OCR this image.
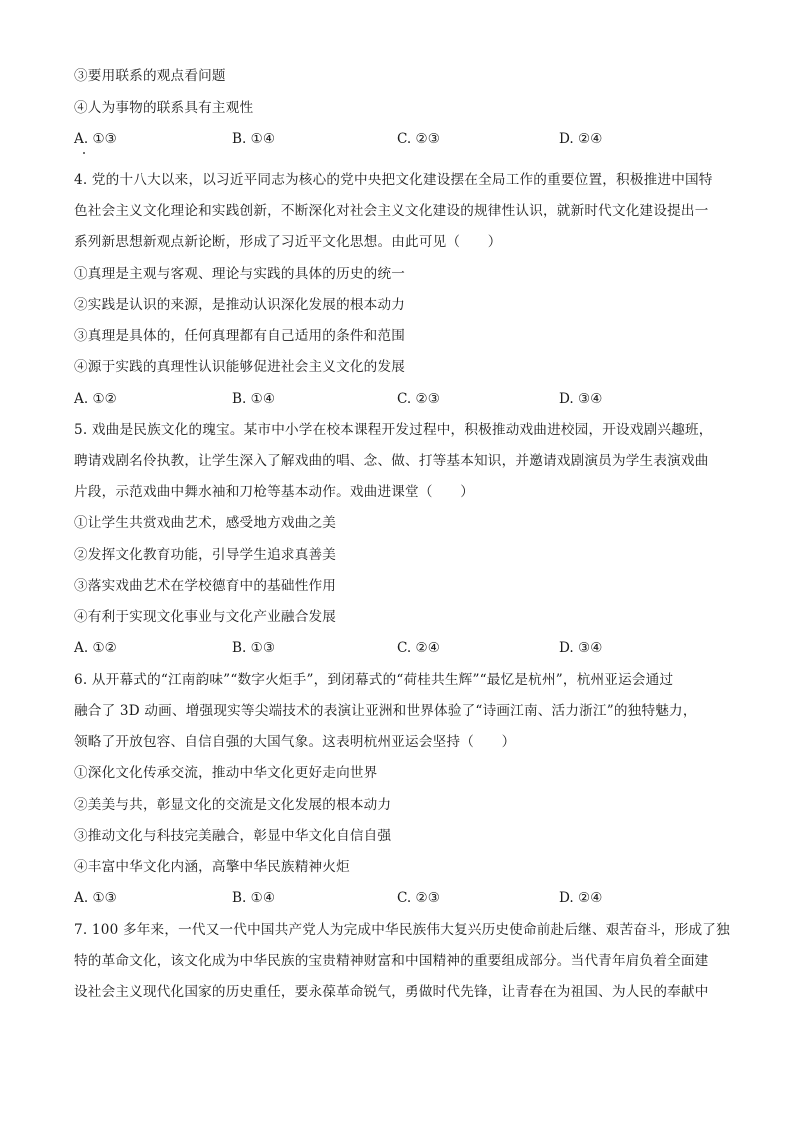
③要用联系的观点看问题
④人为事物的联系具有主观性
A. ①③	B. ①④	C. ②③	D. ②④
4. 党的十八大以来，以习近平同志为核心的党中央把文化建设摆在全局工作的重要位置，积极推进中国特
色社会主义文化理论和实践创新，不断深化对社会主义文化建设的规律性认识，就新时代文化建设提出一
系列新思想新观点新论断，形成了习近平文化思想。由此可见（　　）
①真理是主观与客观、理论与实践的具体的历史的统一
②实践是认识的来源，是推动认识深化发展的根本动力
③真理是具体的，任何真理都有自己适用的条件和范围
④源于实践的真理性认识能够促进社会主义文化的发展
A. ①②	B. ①④	C. ②③	D. ③④
5. 戏曲是民族文化的瑰宝。某市中小学在校本课程开发过程中，积极推动戏曲进校园，开设戏剧兴趣班，
聘请戏剧名伶执教，让学生深入了解戏曲的唱、念、做、打等基本知识，并邀请戏剧演员为学生表演戏曲
片段，示范戏曲中舞水袖和刀枪等基本动作。戏曲进课堂（　　）
①让学生共赏戏曲艺术，感受地方戏曲之美
②发挥文化教育功能，引导学生追求真善美
③落实戏曲艺术在学校德育中的基础性作用
④有利于实现文化事业与文化产业融合发展
A. ①②	B. ①③	C. ②④	D. ③④
6. 从开幕式的“江南韵味”“数字火炬手”，到闭幕式的“荷桂共生辉”“最忆是杭州”，杭州亚运会通过
融合了 3D 动画、增强现实等尖端技术的表演让亚洲和世界体验了“诗画江南、活力浙江”的独特魅力，
领略了开放包容、自信自强的大国气象。这表明杭州亚运会坚持（　　）
①深化文化传承交流，推动中华文化更好走向世界
②美美与共，彰显文化的交流是文化发展的根本动力
③推动文化与科技完美融合，彰显中华文化自信自强
④丰富中华文化内涵，高擎中华民族精神火炬
A. ①③	B. ①④	C. ②③	D. ②④
7. 100 多年来，一代又一代中国共产党人为完成中华民族伟大复兴历史使命前赴后继、艰苦奋斗，形成了独
特的革命文化，该文化成为中华民族的宝贵精神财富和中国精神的重要组成部分。当代青年肩负着全面建
设社会主义现代化国家的历史重任，要永葆革命锐气，勇做时代先锋，让青春在为祖国、为人民的奉献中
